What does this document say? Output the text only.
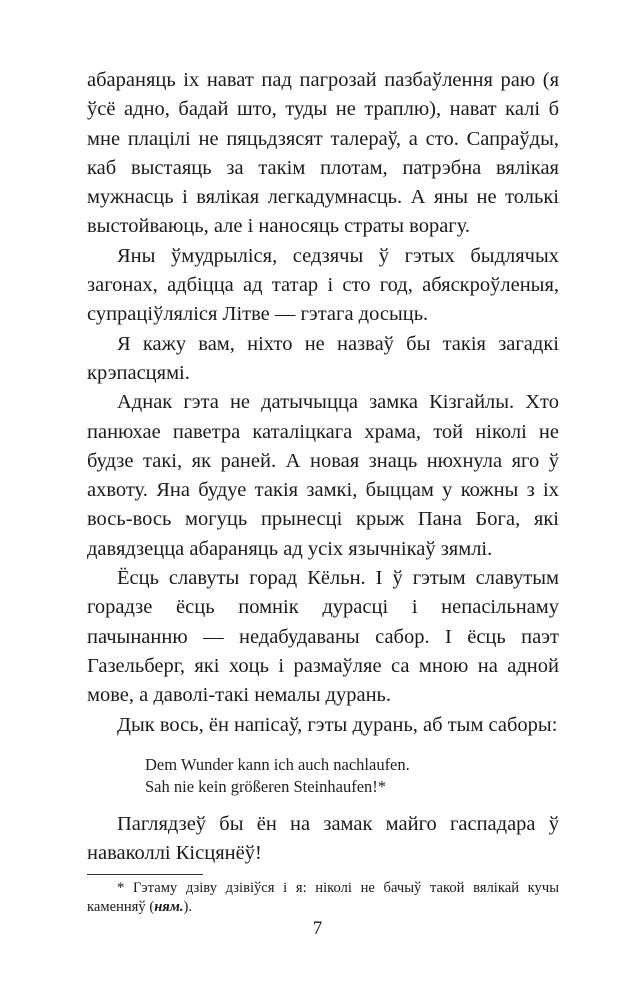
абараняць іх нават пад пагрозай пазбаўлення раю (я ўсё адно, бадай што, туды не траплю), нават калі б мне плацілі не пяцьдзясят талераў, а сто. Сапраўды, каб выстаяць за такім плотам, патрэбна вялікая мужнасць і вялікая легкадумнасць. А яны не толькі выстойваюць, але і наносяць страты ворагу.

Яны ўмудрыліся, седзячы ў гэтых быдлячых загонах, адбіцца ад татар і сто год, абяскроўленыя, супраціўляліся Літве — гэтага досыць.

Я кажу вам, ніхто не назваў бы такія загaдкі крэпасцямі.

Аднак гэта не датычыцца замка Кізгайлы. Хто панюхае паветра каталіцкага храма, той ніколі не будзе такі, як раней. А новая знаць нюхнула яго ў ахвоту. Яна будуе такія замкі, быццам у кожны з іх вось-вось могуць прынесці крыж Пана Бога, які давядзецца абараняць ад усіх язычнікаў зямлі.

Ёсць славуты горад Кёльн. І ў гэтым славутым горадзе ёсць помнік дурасці і непасільнаму пачынанню — недабудаваны сабор. І ёсць паэт Газельберг, які хоць і размаўляе са мною на адной мове, а даволі-такі немалы дурань.

Дык вось, ён напісаў, гэты дурань, аб тым саборы:

Dem Wunder kann ich auch nachlaufen.
Sah nie kein größeren Steinhaufen!*

Паглядзеў бы ён на замак майго гаспадара ў наваколлі Кісцянёў!

* Гэтаму дзіву дзівіўся і я: ніколі не бачыў такой вялікай кучы каменняў (ням.).

7
